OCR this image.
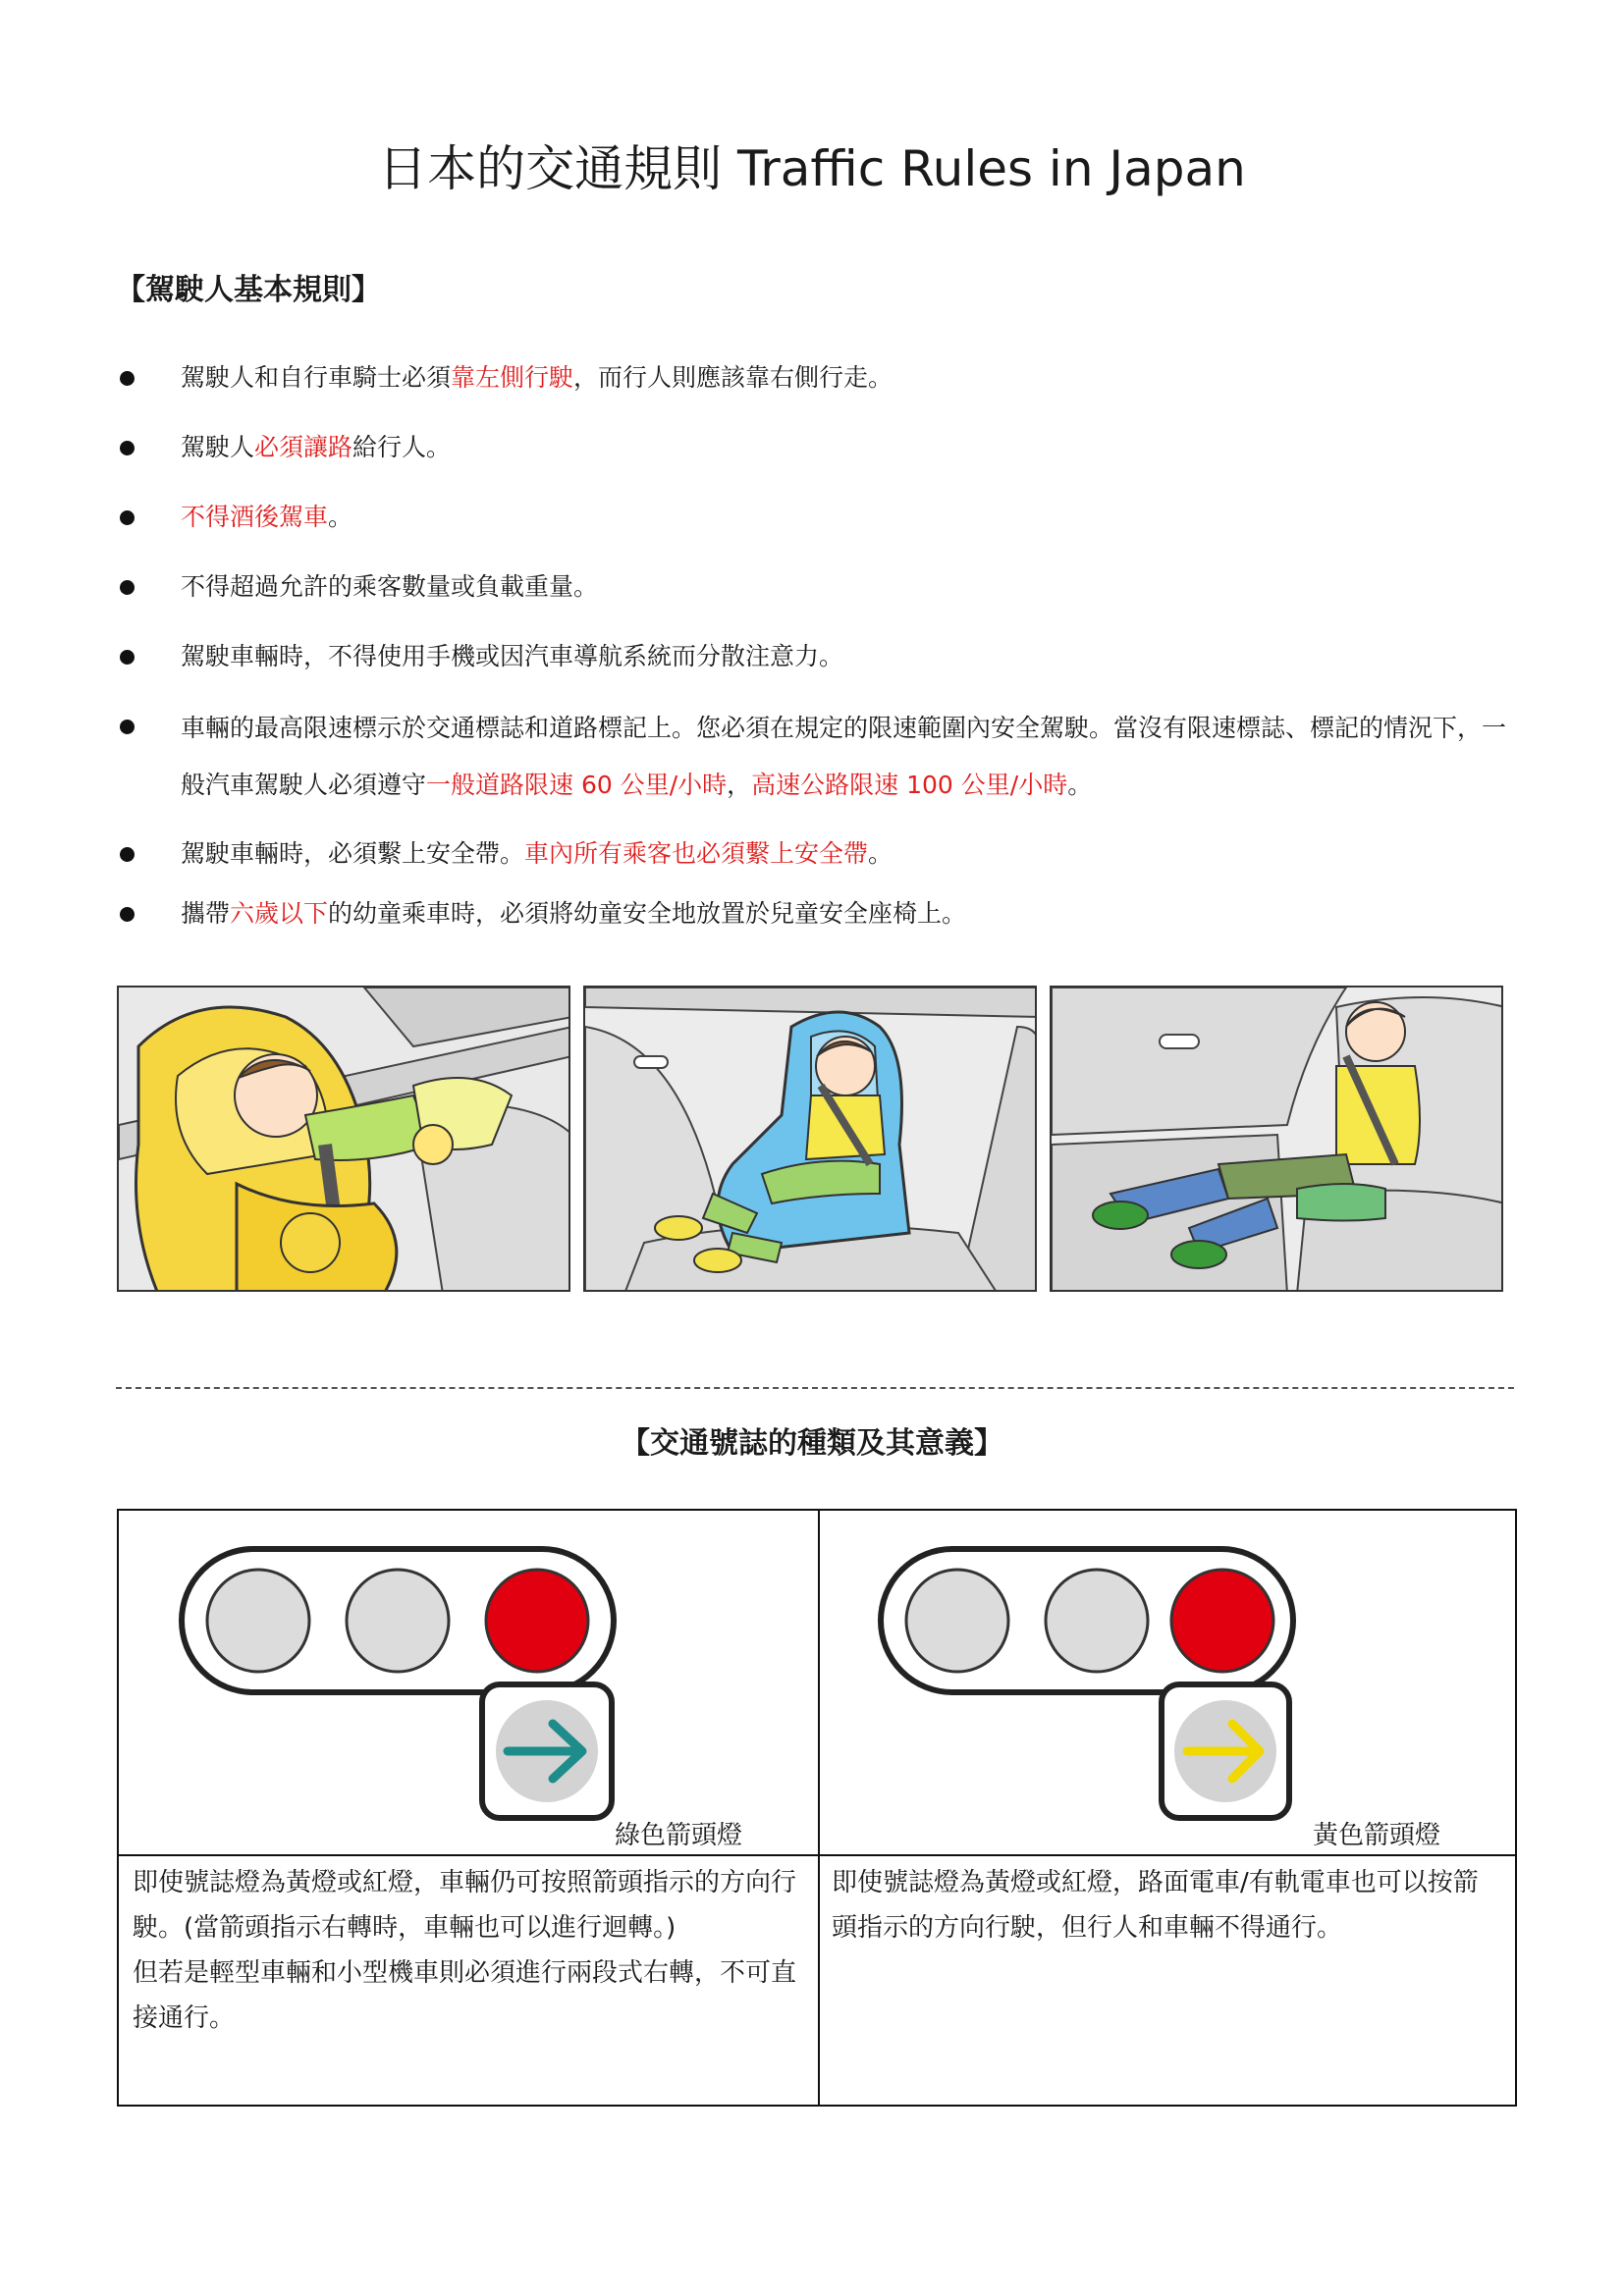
日本的交通規則 Traffic Rules in Japan
【駕駛人基本規則】
駕駛人和自行車騎士必須靠左側行駛，而行人則應該靠右側行走。
駕駛人必須讓路給行人。
不得酒後駕車。
不得超過允許的乘客數量或負載重量。
駕駛車輛時，不得使用手機或因汽車導航系統而分散注意力。
車輛的最高限速標示於交通標誌和道路標記上。您必須在規定的限速範圍內安全駕駛。當沒有限速標誌、標記的情況下，一般汽車駕駛人必須遵守一般道路限速 60 公里/小時，高速公路限速 100 公里/小時。
駕駛車輛時，必須繫上安全帶。車內所有乘客也必須繫上安全帶。
攜帶六歲以下的幼童乘車時，必須將幼童安全地放置於兒童安全座椅上。
【交通號誌的種類及其意義】
綠色箭頭燈	黃色箭頭燈

即使號誌燈為黃燈或紅燈，車輛仍可按照箭頭指示的方向行駛。(當箭頭指示右轉時，車輛也可以進行迴轉。)

但若是輕型車輛和小型機車則必須進行兩段式右轉，不可直接通行。

即使號誌燈為黃燈或紅燈，路面電車/有軌電車也可以按箭頭指示的方向行駛，但行人和車輛不得通行。
